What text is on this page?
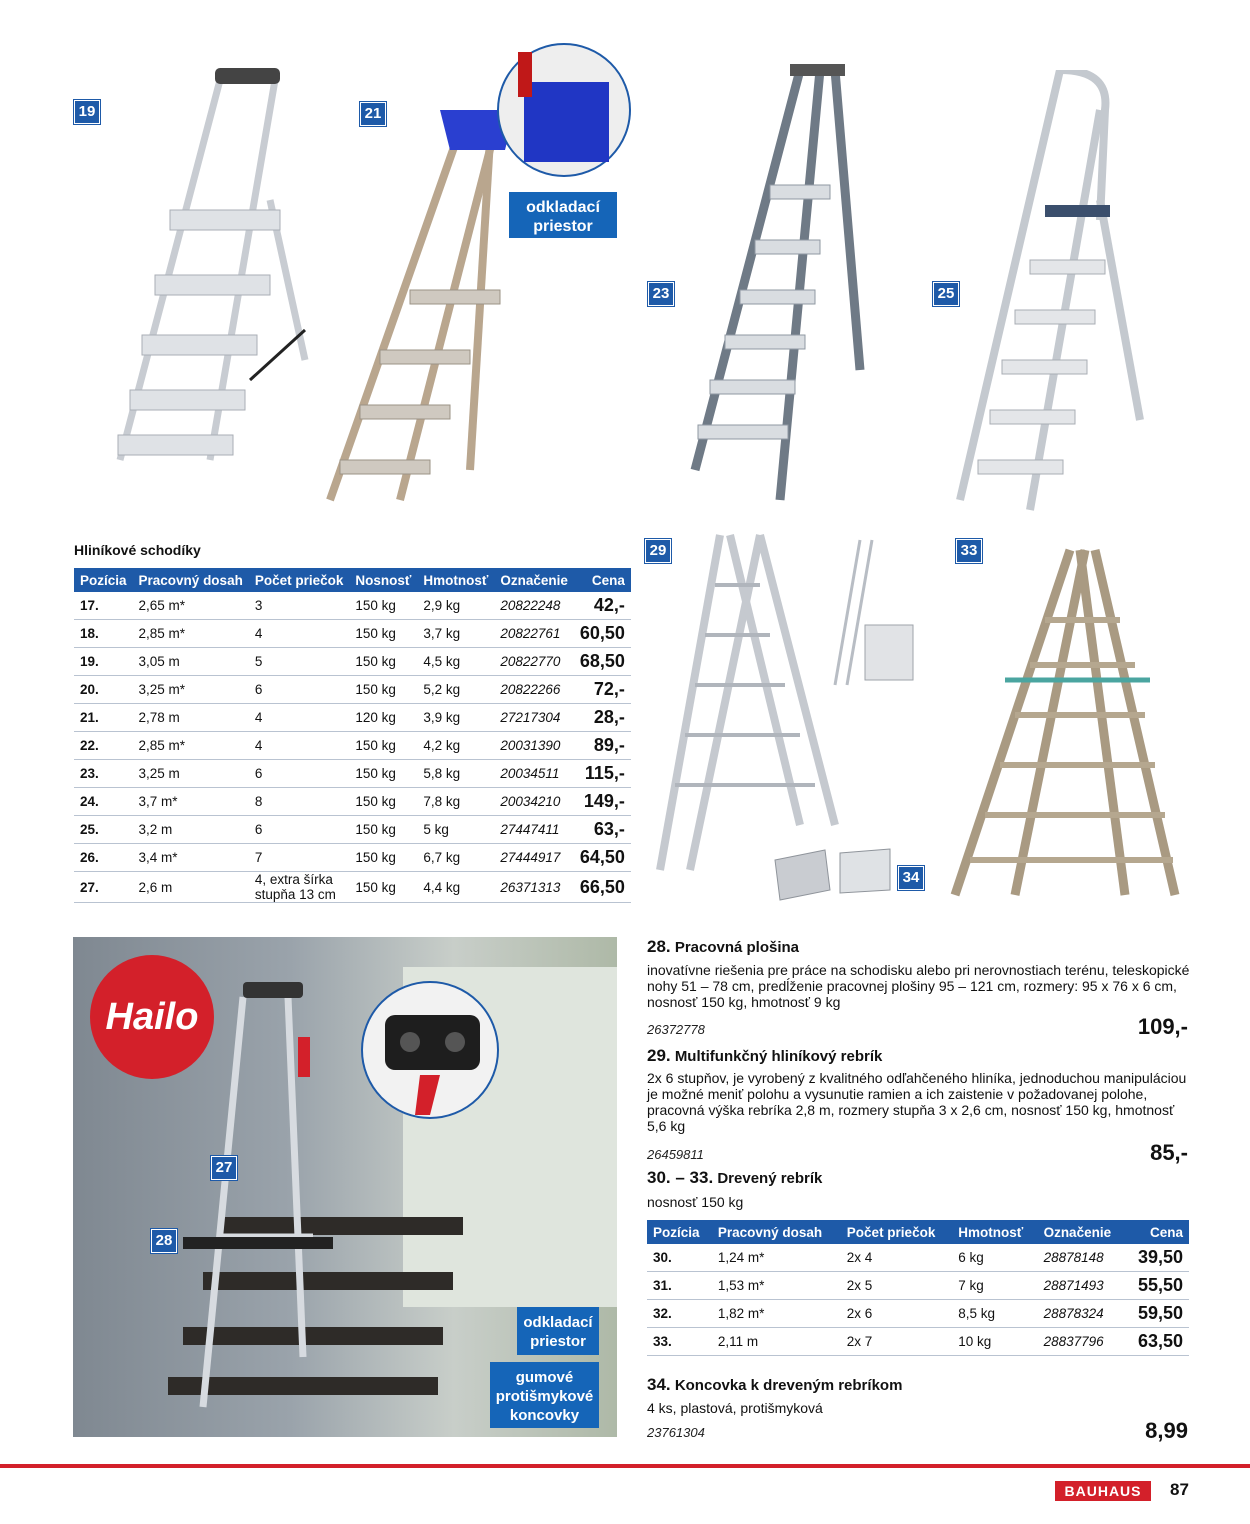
19	21
23	25
29	33
34
odkladací priestor
Hliníkové schodíky
Pozícia	Pracovný dosah	Počet priečok	Nosnosť	Hmotnosť	Označenie	Cena
17.	2,65 m*	3	150 kg	2,9 kg	20822248	42,-
18.	2,85 m*	4	150 kg	3,7 kg	20822761	60,50
19.	3,05 m	5	150 kg	4,5 kg	20822770	68,50
20.	3,25 m*	6	150 kg	5,2 kg	20822266	72,-
21.	2,78 m	4	120 kg	3,9 kg	27217304	28,-
22.	2,85 m*	4	150 kg	4,2 kg	20031390	89,-
23.	3,25 m	6	150 kg	5,8 kg	20034511	115,-
24.	3,7 m*	8	150 kg	7,8 kg	20034210	149,-
25.	3,2 m	6	150 kg	5 kg	27447411	63,-
26.	3,4 m*	7	150 kg	6,7 kg	27444917	64,50
27.	2,6 m	4, extra šírka stupňa 13 cm	150 kg	4,4 kg	26371313	66,50
Hailo
27
28
odkladací priestor
gumové protišmykové koncovky
28. Pracovná plošina
inovatívne riešenia pre práce na schodisku alebo pri nerovnostiach terénu, teleskopické nohy 51 – 78 cm, predĺženie pracovnej plošiny 95 – 121 cm, rozmery: 95 x 76 x 6 cm, nosnosť 150 kg, hmotnosť 9 kg
26372778	109,-
29. Multifunkčný hliníkový rebrík
2x 6 stupňov, je vyrobený z kvalitného odľahčeného hliníka, jednoduchou manipuláciou je možné meniť polohu a vysunutie ramien a ich zaistenie v požadovanej polohe, pracovná výška rebríka 2,8 m, rozmery stupňa 3 x 2,6 cm, nosnosť 150 kg, hmotnosť 5,6 kg
26459811	85,-
30. – 33. Drevený rebrík
nosnosť 150 kg
Pozícia	Pracovný dosah	Počet priečok	Hmotnosť	Označenie	Cena
30.	1,24 m*	2x 4	6 kg	28878148	39,50
31.	1,53 m*	2x 5	7 kg	28871493	55,50
32.	1,82 m*	2x 6	8,5 kg	28878324	59,50
33.	2,11 m	2x 7	10 kg	28837796	63,50
34. Koncovka k dreveným rebríkom
4 ks, plastová, protišmyková
23761304	8,99
BAUHAUS	87
